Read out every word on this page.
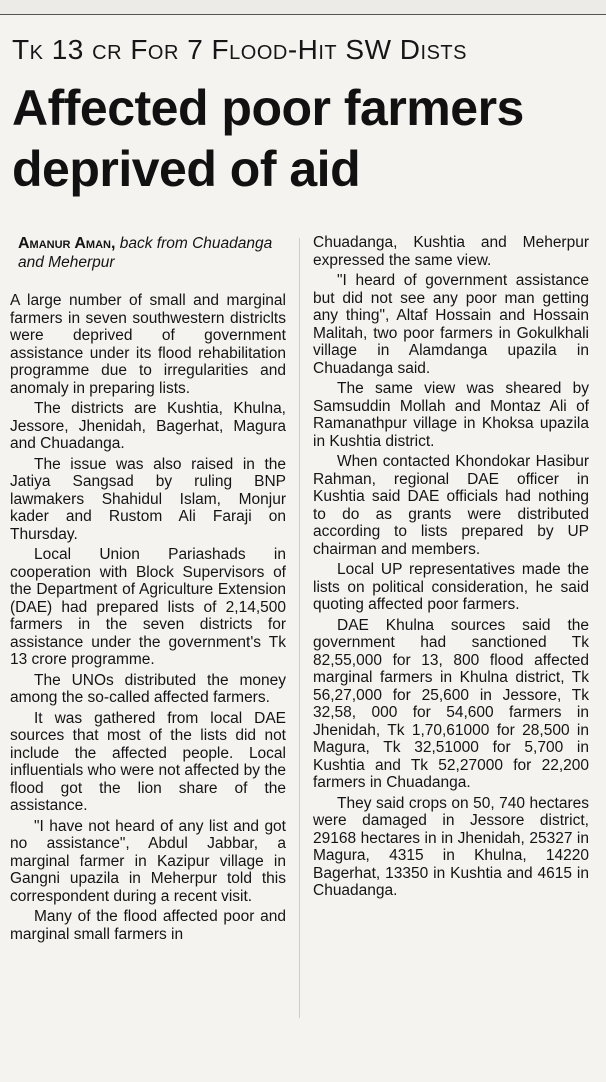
Tk 13 cr For 7 Flood-Hit SW Dists
Affected poor farmers
deprived of aid
Amanur Aman, back from Chuadanga and Meherpur

A large number of small and marginal farmers in seven southwestern districlts were deprived of government assistance under its flood rehabilitation programme due to irregularities and anomaly in preparing lists.

The districts are Kushtia, Khulna, Jessore, Jhenidah, Bagerhat, Magura and Chuadanga.

The issue was also raised in the Jatiya Sangsad by ruling BNP lawmakers Shahidul Islam, Monjur kader and Rustom Ali Faraji on Thursday.

Local Union Pariashads in cooperation with Block Supervisors of the Department of Agriculture Extension (DAE) had prepared lists of 2,14,500 farmers in the seven districts for assistance under the government's Tk 13 crore programme.

The UNOs distributed the money among the so-called affected farmers.

It was gathered from local DAE sources that most of the lists did not include the affected people. Local influentials who were not affected by the flood got the lion share of the assistance.

"I have not heard of any list and got no assistance", Abdul Jabbar, a marginal farmer in Kazipur village in Gangni upazila in Meherpur told this correspondent during a recent visit.

Many of the flood affected poor and marginal small farmers in

Chuadanga, Kushtia and Meherpur expressed the same view.

"I heard of government assistance but did not see any poor man getting any thing", Altaf Hossain and Hossain Malitah, two poor farmers in Gokulkhali village in Alamdanga upazila in Chuadanga said.

The same view was sheared by Samsuddin Mollah and Montaz Ali of Ramanathpur village in Khoksa upazila in Kushtia district.

When contacted Khondokar Hasibur Rahman, regional DAE officer in Kushtia said DAE officials had nothing to do as grants were distributed according to lists prepared by UP chairman and members.

Local UP representatives made the lists on political consideration, he said quoting affected poor farmers.

DAE Khulna sources said the government had sanctioned Tk 82,55,000 for 13, 800 flood affected marginal farmers in Khulna district, Tk 56,27,000 for 25,600 in Jessore, Tk 32,58, 000 for 54,600 farmers in Jhenidah, Tk 1,70,61000 for 28,500 in Magura, Tk 32,51000 for 5,700 in Kushtia and Tk 52,27000 for 22,200 farmers in Chuadanga.

They said crops on 50, 740 hectares were damaged in Jessore district, 29168 hectares in in Jhenidah, 25327 in Magura, 4315 in Khulna, 14220 Bagerhat, 13350 in Kushtia and 4615 in Chuadanga.
